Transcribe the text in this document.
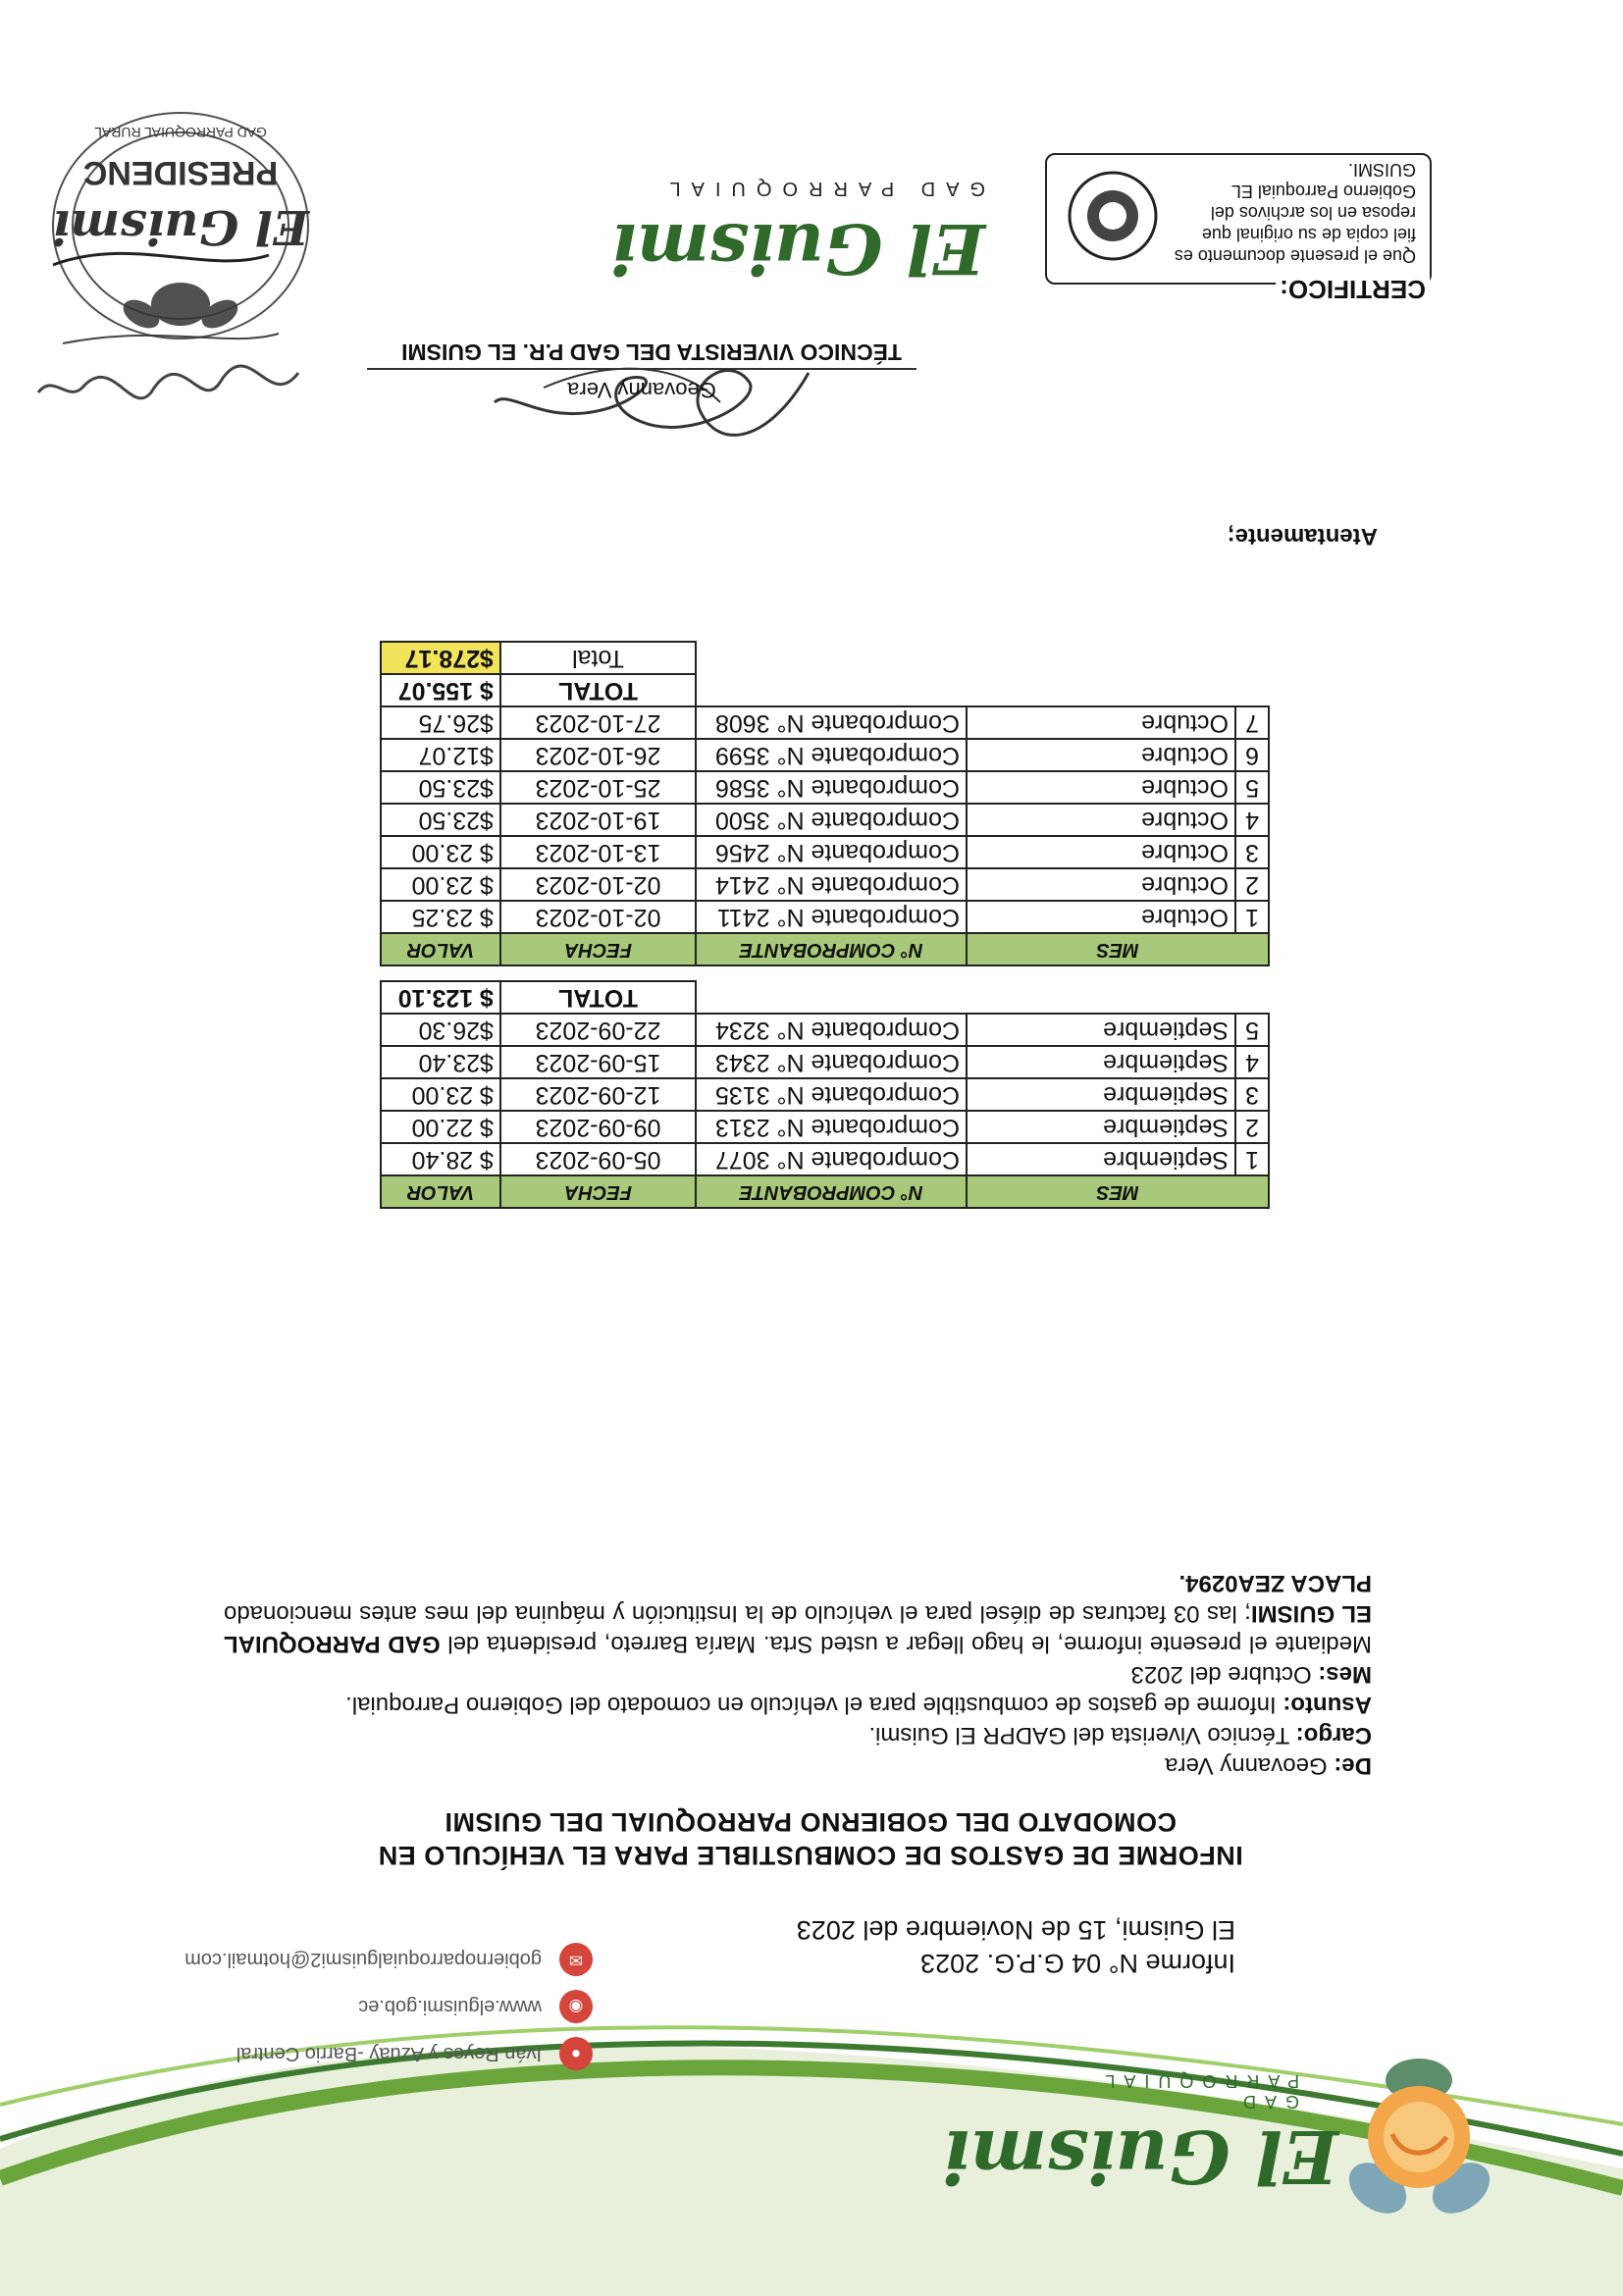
El Guismi
GAD PARROQUIAL
●
Iván Reyes y Azuay -Barrio Central
◉
www.elguismi.gob.ec
✉
gobiernoparroquialguismi2@hotmail.com	Informe N° 04 G.P.G. 2023
El Guismi, 15 de Noviembre del 2023
INFORME DE GASTOS DE COMBUSTIBLE PARA EL VEHÍCULO EN COMODATO DEL GOBIERNO PARROQUIAL DEL GUISMI

De: Geovanny Vera

Cargo: Técnico Viverista del GADPR El Guismi.

Asunto: Informe de gastos de combustible para el vehículo en comodato del Gobierno Parroquial.

Mes: Octubre del 2023

Mediante el presente informe, le hago llegar a usted Srta. María Barreto, presidenta del GAD PARROQUIAL EL GUISMI; las 03 facturas de diésel para el vehículo de la Institución y máquina del mes antes mencionado PLACA ZEA0294.

MES		N° COMPROBANTE	FECHA	VALOR
1	Septiembre	Comprobante N° 3077	05-09-2023	$ 28.40
2	Septiembre	Comprobante N° 2313	09-09-2023	$ 22.00
3	Septiembre	Comprobante N° 3135	12-09-2023	$ 23.00
4	Septiembre	Comprobante N° 2343	15-09-2023	$23.40
5	Septiembre	Comprobante N° 3234	22-09-2023	$26.30
			TOTAL	$ 123.10
MES		N° COMPROBANTE	FECHA	VALOR
1	Octubre	Comprobante N° 2411	02-10-2023	$ 23.25
2	Octubre	Comprobante N° 2414	02-10-2023	$ 23.00
3	Octubre	Comprobante N° 2456	13-10-2023	$ 23.00
4	Octubre	Comprobante N° 3500	19-10-2023	$23.50
5	Octubre	Comprobante N° 3586	25-10-2023	$23.50
6	Octubre	Comprobante N° 3599	26-10-2023	$12.07
7	Octubre	Comprobante N° 3608	27-10-2023	$26.75
			TOTAL	$ 155.07
			Total	$278.17
Atentamente;
Geovanny Vera
TÉCNICO VIVERISTA DEL GAD P.R. EL GUISMI
CERTIFICO:
Que el presente documento es fiel copia de su original que reposa en los archivos del Gobierno Parroquial EL GUISMI.
El Guismi
GAD PARROQUIAL
El Guismi
PRESIDENC
GAD PARROQUIAL RURAL
